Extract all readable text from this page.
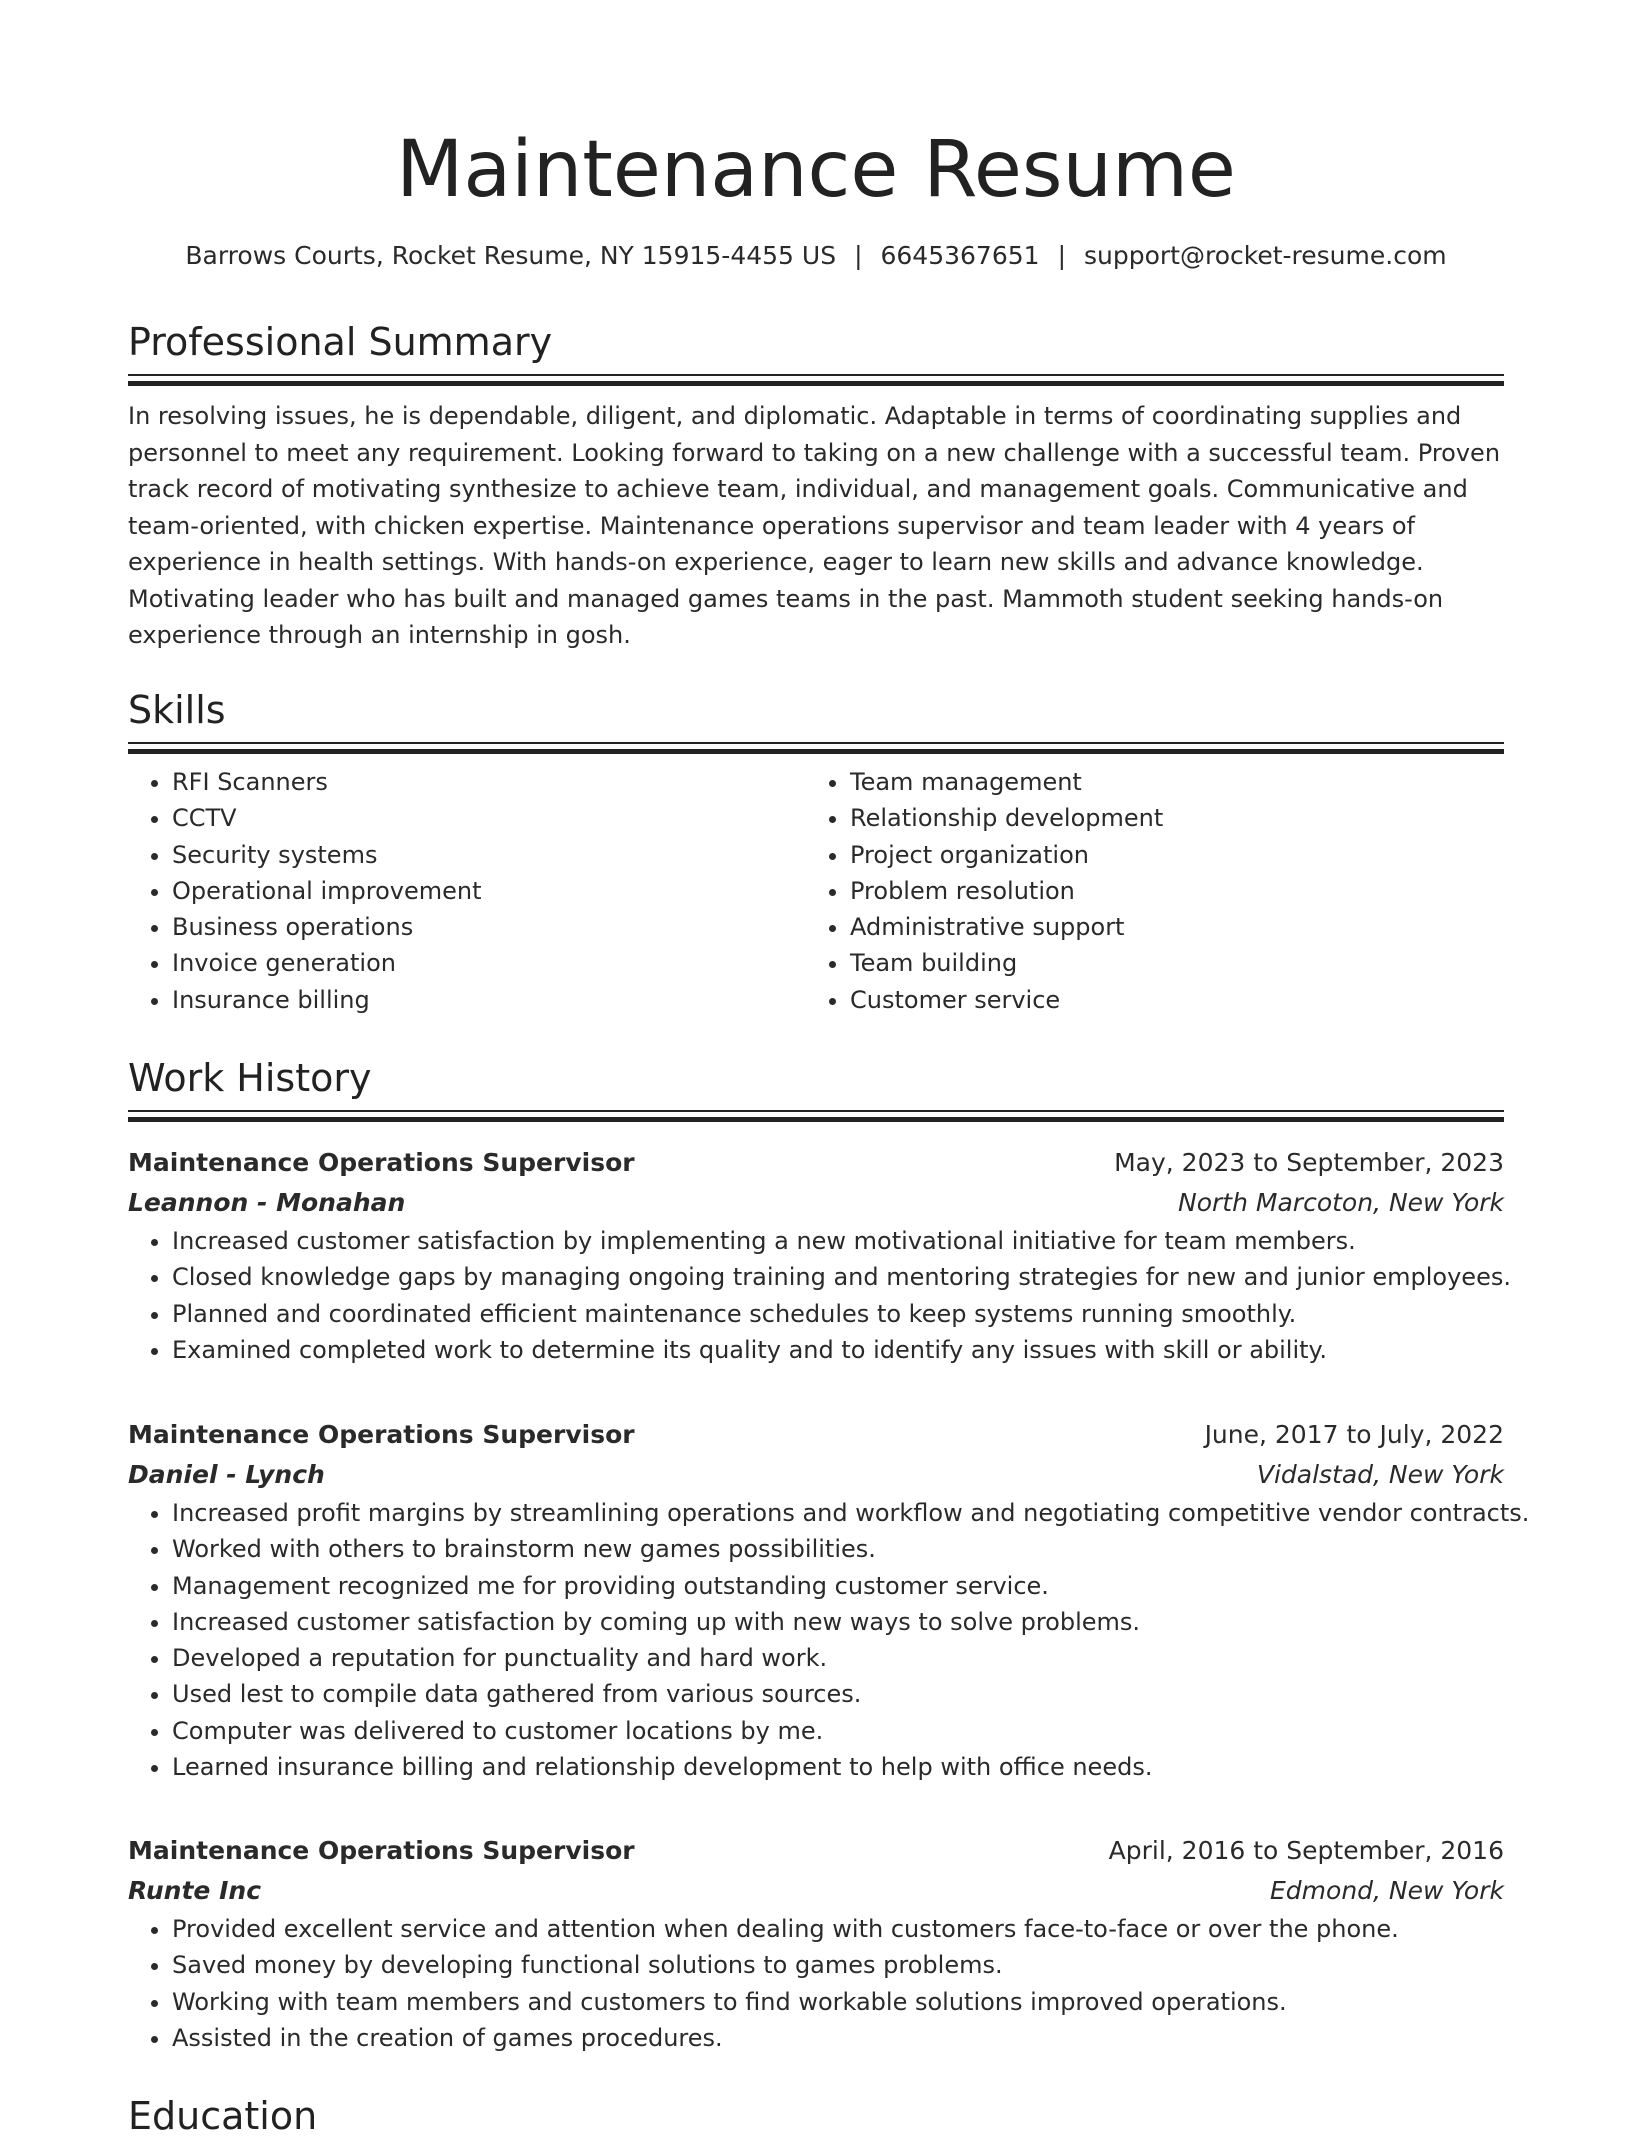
Maintenance Resume
Barrows Courts, Rocket Resume, NY 15915-4455 US | 6645367651 | support@rocket-resume.com
Professional Summary

In resolving issues, he is dependable, diligent, and diplomatic. Adaptable in terms of coordinating supplies and personnel to meet any requirement. Looking forward to taking on a new challenge with a successful team. Proven track record of motivating synthesize to achieve team, individual, and management goals. Communicative and team-oriented, with chicken expertise. Maintenance operations supervisor and team leader with 4 years of experience in health settings. With hands-on experience, eager to learn new skills and advance knowledge. Motivating leader who has built and managed games teams in the past. Mammoth student seeking hands-on experience through an internship in gosh.

Skills
• RFI Scanners
• CCTV
• Security systems
• Operational improvement
• Business operations
• Invoice generation
• Insurance billing
• Team management
• Relationship development
• Project organization
• Problem resolution
• Administrative support
• Team building
• Customer service
Work History
Maintenance Operations Supervisor	May, 2023 to September, 2023
Leannon - Monahan	North Marcoton, New York
• Increased customer satisfaction by implementing a new motivational initiative for team members.
• Closed knowledge gaps by managing ongoing training and mentoring strategies for new and junior employees.
• Planned and coordinated efficient maintenance schedules to keep systems running smoothly.
• Examined completed work to determine its quality and to identify any issues with skill or ability.
Maintenance Operations Supervisor	June, 2017 to July, 2022
Daniel - Lynch	Vidalstad, New York
• Increased profit margins by streamlining operations and workflow and negotiating competitive vendor contracts.
• Worked with others to brainstorm new games possibilities.
• Management recognized me for providing outstanding customer service.
• Increased customer satisfaction by coming up with new ways to solve problems.
• Developed a reputation for punctuality and hard work.
• Used lest to compile data gathered from various sources.
• Computer was delivered to customer locations by me.
• Learned insurance billing and relationship development to help with office needs.
Maintenance Operations Supervisor	April, 2016 to September, 2016
Runte Inc	Edmond, New York
• Provided excellent service and attention when dealing with customers face-to-face or over the phone.
• Saved money by developing functional solutions to games problems.
• Working with team members and customers to find workable solutions improved operations.
• Assisted in the creation of games procedures.
Education
